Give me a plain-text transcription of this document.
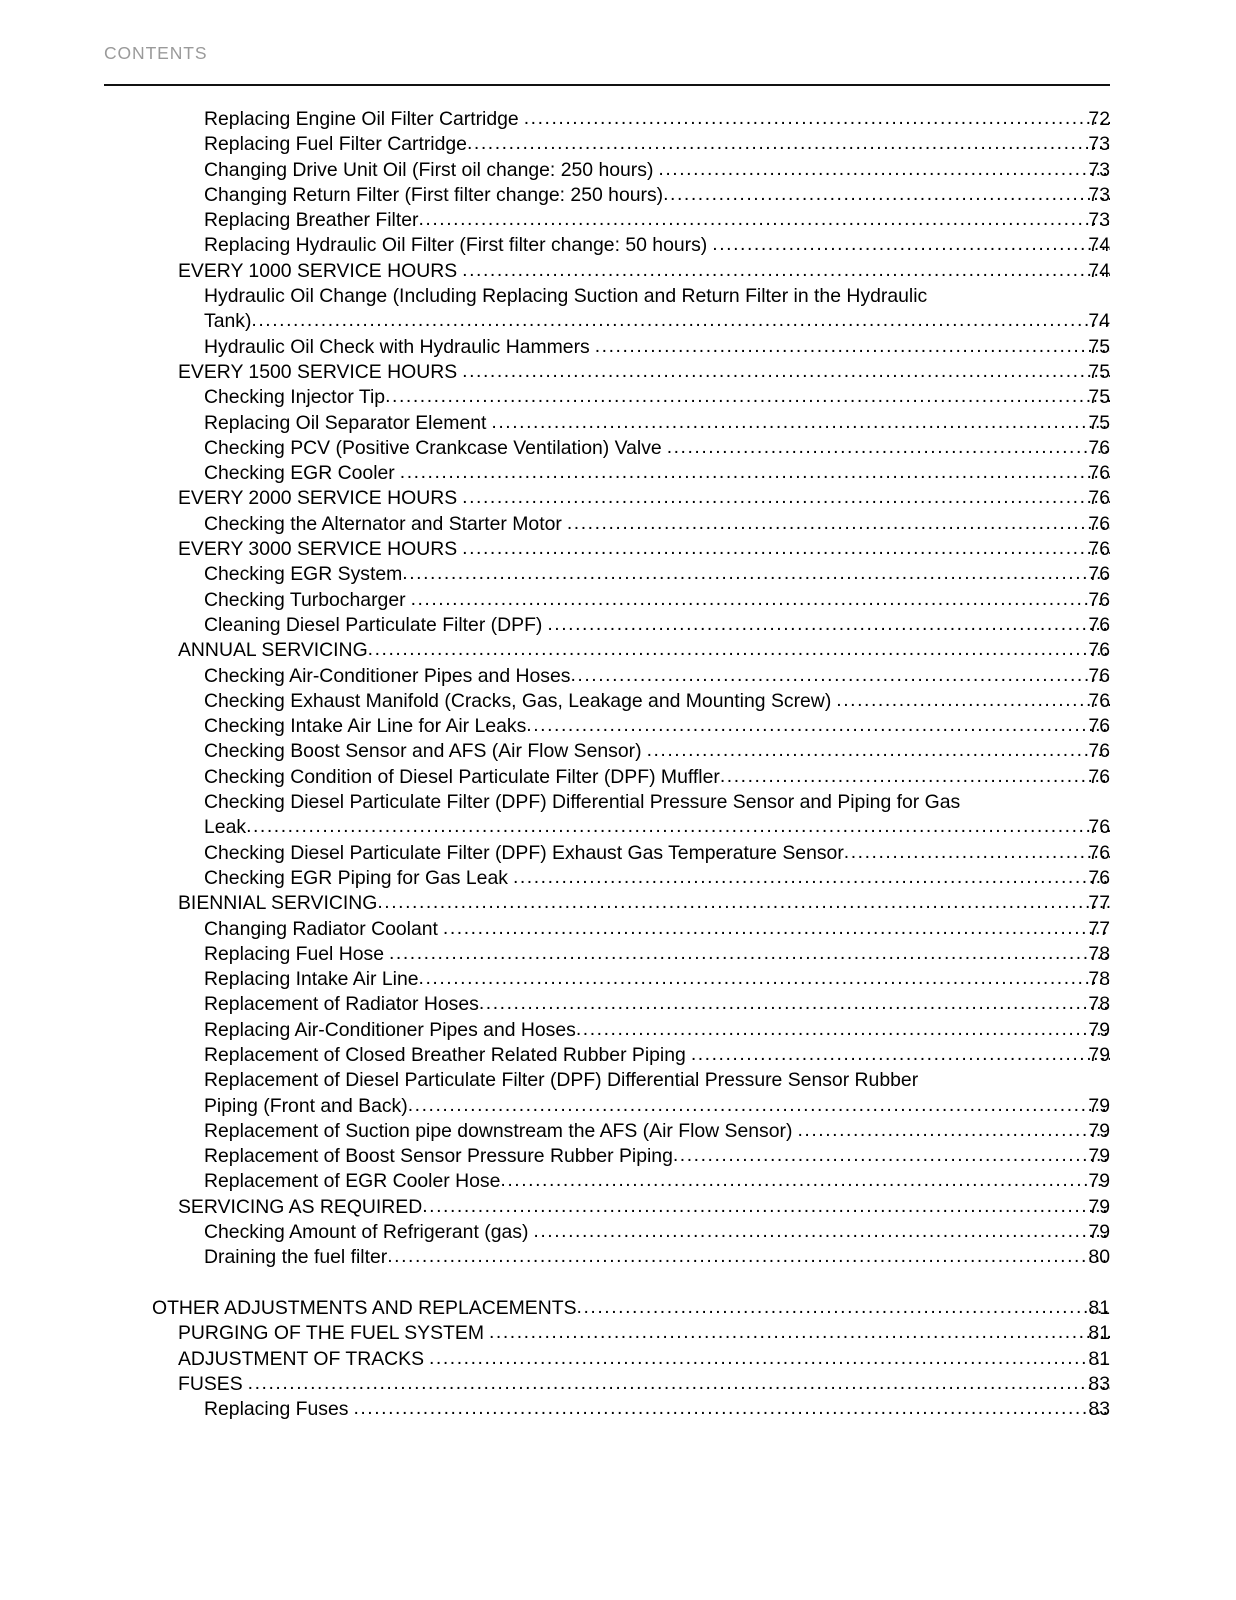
CONTENTS
Replacing Engine Oil Filter Cartridge .....	72
Replacing Fuel Filter Cartridge .....	73
Changing Drive Unit Oil (First oil change: 250 hours) .....	73
Changing Return Filter (First filter change: 250 hours) .....	73
Replacing Breather Filter .....	73
Replacing Hydraulic Oil Filter (First filter change: 50 hours) .....	74
EVERY 1000 SERVICE HOURS .....	74
Hydraulic Oil Change (Including Replacing Suction and Return Filter in the Hydraulic
Tank) .....	74
Hydraulic Oil Check with Hydraulic Hammers .....	75
EVERY 1500 SERVICE HOURS .....	75
Checking Injector Tip .....	75
Replacing Oil Separator Element .....	75
Checking PCV (Positive Crankcase Ventilation) Valve .....	76
Checking EGR Cooler .....	76
EVERY 2000 SERVICE HOURS .....	76
Checking the Alternator and Starter Motor .....	76
EVERY 3000 SERVICE HOURS .....	76
Checking EGR System .....	76
Checking Turbocharger .....	76
Cleaning Diesel Particulate Filter (DPF) .....	76
ANNUAL SERVICING .....	76
Checking Air-Conditioner Pipes and Hoses .....	76
Checking Exhaust Manifold (Cracks, Gas, Leakage and Mounting Screw) .....	76
Checking Intake Air Line for Air Leaks .....	76
Checking Boost Sensor and AFS (Air Flow Sensor) .....	76
Checking Condition of Diesel Particulate Filter (DPF) Muffler .....	76
Checking Diesel Particulate Filter (DPF) Differential Pressure Sensor and Piping for Gas
Leak .....	76
Checking Diesel Particulate Filter (DPF) Exhaust Gas Temperature Sensor .....	76
Checking EGR Piping for Gas Leak .....	76
BIENNIAL SERVICING .....	77
Changing Radiator Coolant .....	77
Replacing Fuel Hose .....	78
Replacing Intake Air Line .....	78
Replacement of Radiator Hoses .....	78
Replacing Air-Conditioner Pipes and Hoses .....	79
Replacement of Closed Breather Related Rubber Piping .....	79
Replacement of Diesel Particulate Filter (DPF) Differential Pressure Sensor Rubber
Piping (Front and Back) .....	79
Replacement of Suction pipe downstream the AFS (Air Flow Sensor) .....	79
Replacement of Boost Sensor Pressure Rubber Piping .....	79
Replacement of EGR Cooler Hose .....	79
SERVICING AS REQUIRED .....	79
Checking Amount of Refrigerant (gas) .....	79
Draining the fuel filter .....	80
OTHER ADJUSTMENTS AND REPLACEMENTS .....	81
PURGING OF THE FUEL SYSTEM .....	81
ADJUSTMENT OF TRACKS .....	81
FUSES .....	83
Replacing Fuses .....	83
